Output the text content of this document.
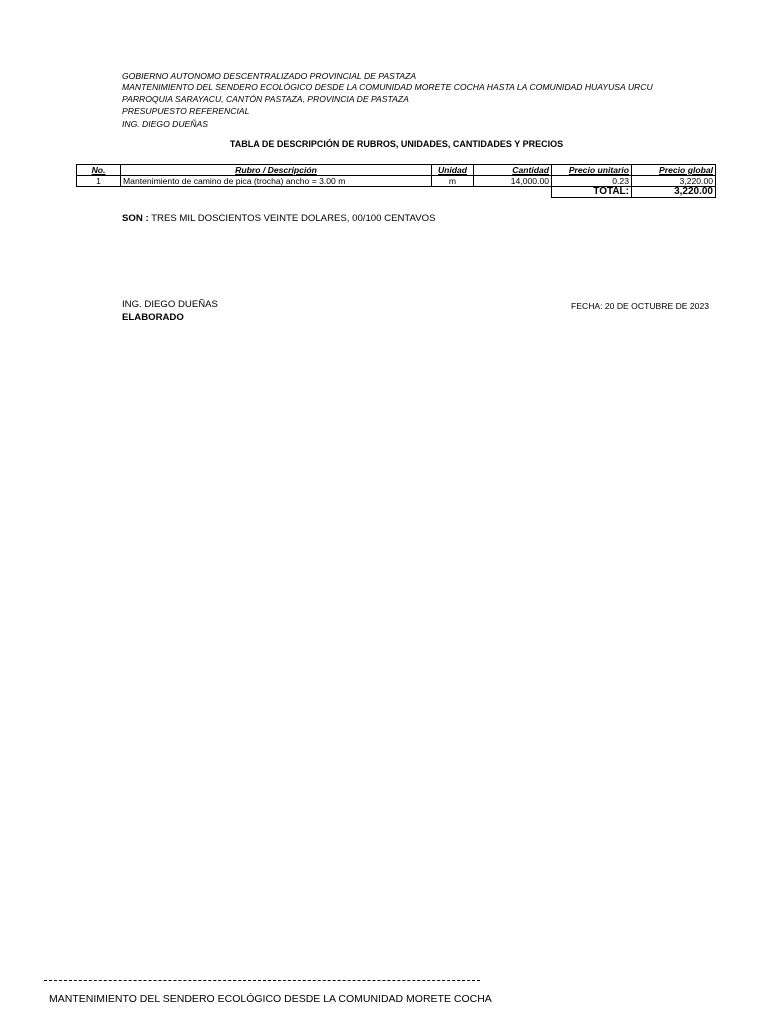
GOBIERNO AUTONOMO DESCENTRALIZADO PROVINCIAL DE PASTAZA
MANTENIMIENTO DEL SENDERO ECOLÓGICO DESDE LA COMUNIDAD MORETE COCHA HASTA LA COMUNIDAD HUAYUSA URCU
PARROQUIA SARAYACU, CANTÓN PASTAZA, PROVINCIA DE PASTAZA
PRESUPUESTO REFERENCIAL
ING. DIEGO DUEÑAS
TABLA DE DESCRIPCIÓN DE RUBROS, UNIDADES, CANTIDADES Y PRECIOS
No.	Rubro / Descripción	Unidad	Cantidad	Precio unitario	Precio global
1	Mantenimiento de camino de pica (trocha) ancho = 3.00 m	m	14,000.00	0.23	3,220.00
				TOTAL:	3,220.00
SON : TRES MIL DOSCIENTOS VEINTE DOLARES, 00/100 CENTAVOS
ING. DIEGO DUEÑAS
ELABORADO
FECHA: 20 DE OCTUBRE DE 2023
MANTENIMIENTO DEL SENDERO ECOLÓGICO DESDE LA COMUNIDAD MORETE COCHA
